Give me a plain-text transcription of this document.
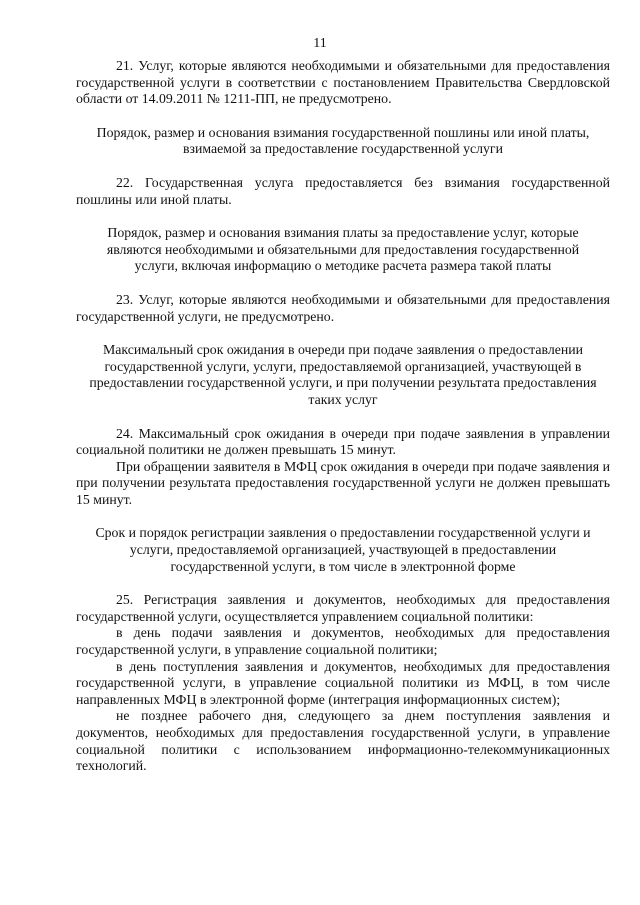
11

21. Услуг, которые являются необходимыми и обязательными для предоставления государственной услуги в соответствии с постановлением Правительства Свердловской области от 14.09.2011 № 1211-ПП, не предусмотрено.

Порядок, размер и основания взимания государственной пошлины или иной платы, взимаемой за предоставление государственной услуги

22. Государственная услуга предоставляется без взимания государственной пошлины или иной платы.

Порядок, размер и основания взимания платы за предоставление услуг, которые являются необходимыми и обязательными для предоставления государственной услуги, включая информацию о методике расчета размера такой платы

23. Услуг, которые являются необходимыми и обязательными для предоставления государственной услуги, не предусмотрено.

Максимальный срок ожидания в очереди при подаче заявления о предоставлении государственной услуги, услуги, предоставляемой организацией, участвующей в предоставлении государственной услуги, и при получении результата предоставления таких услуг

24. Максимальный срок ожидания в очереди при подаче заявления в управлении социальной политики не должен превышать 15 минут.

При обращении заявителя в МФЦ срок ожидания в очереди при подаче заявления и при получении результата предоставления государственной услуги не должен превышать 15 минут.

Срок и порядок регистрации заявления о предоставлении государственной услуги и услуги, предоставляемой организацией, участвующей в предоставлении государственной услуги, в том числе в электронной форме

25. Регистрация заявления и документов, необходимых для предоставления государственной услуги, осуществляется управлением социальной политики:

в день подачи заявления и документов, необходимых для предоставления государственной услуги, в управление социальной политики;

в день поступления заявления и документов, необходимых для предоставления государственной услуги, в управление социальной политики из МФЦ, в том числе направленных МФЦ в электронной форме (интеграция информационных систем);

не позднее рабочего дня, следующего за днем поступления заявления и документов, необходимых для предоставления государственной услуги, в управление социальной политики с использованием информационно-телекоммуникационных технологий.
